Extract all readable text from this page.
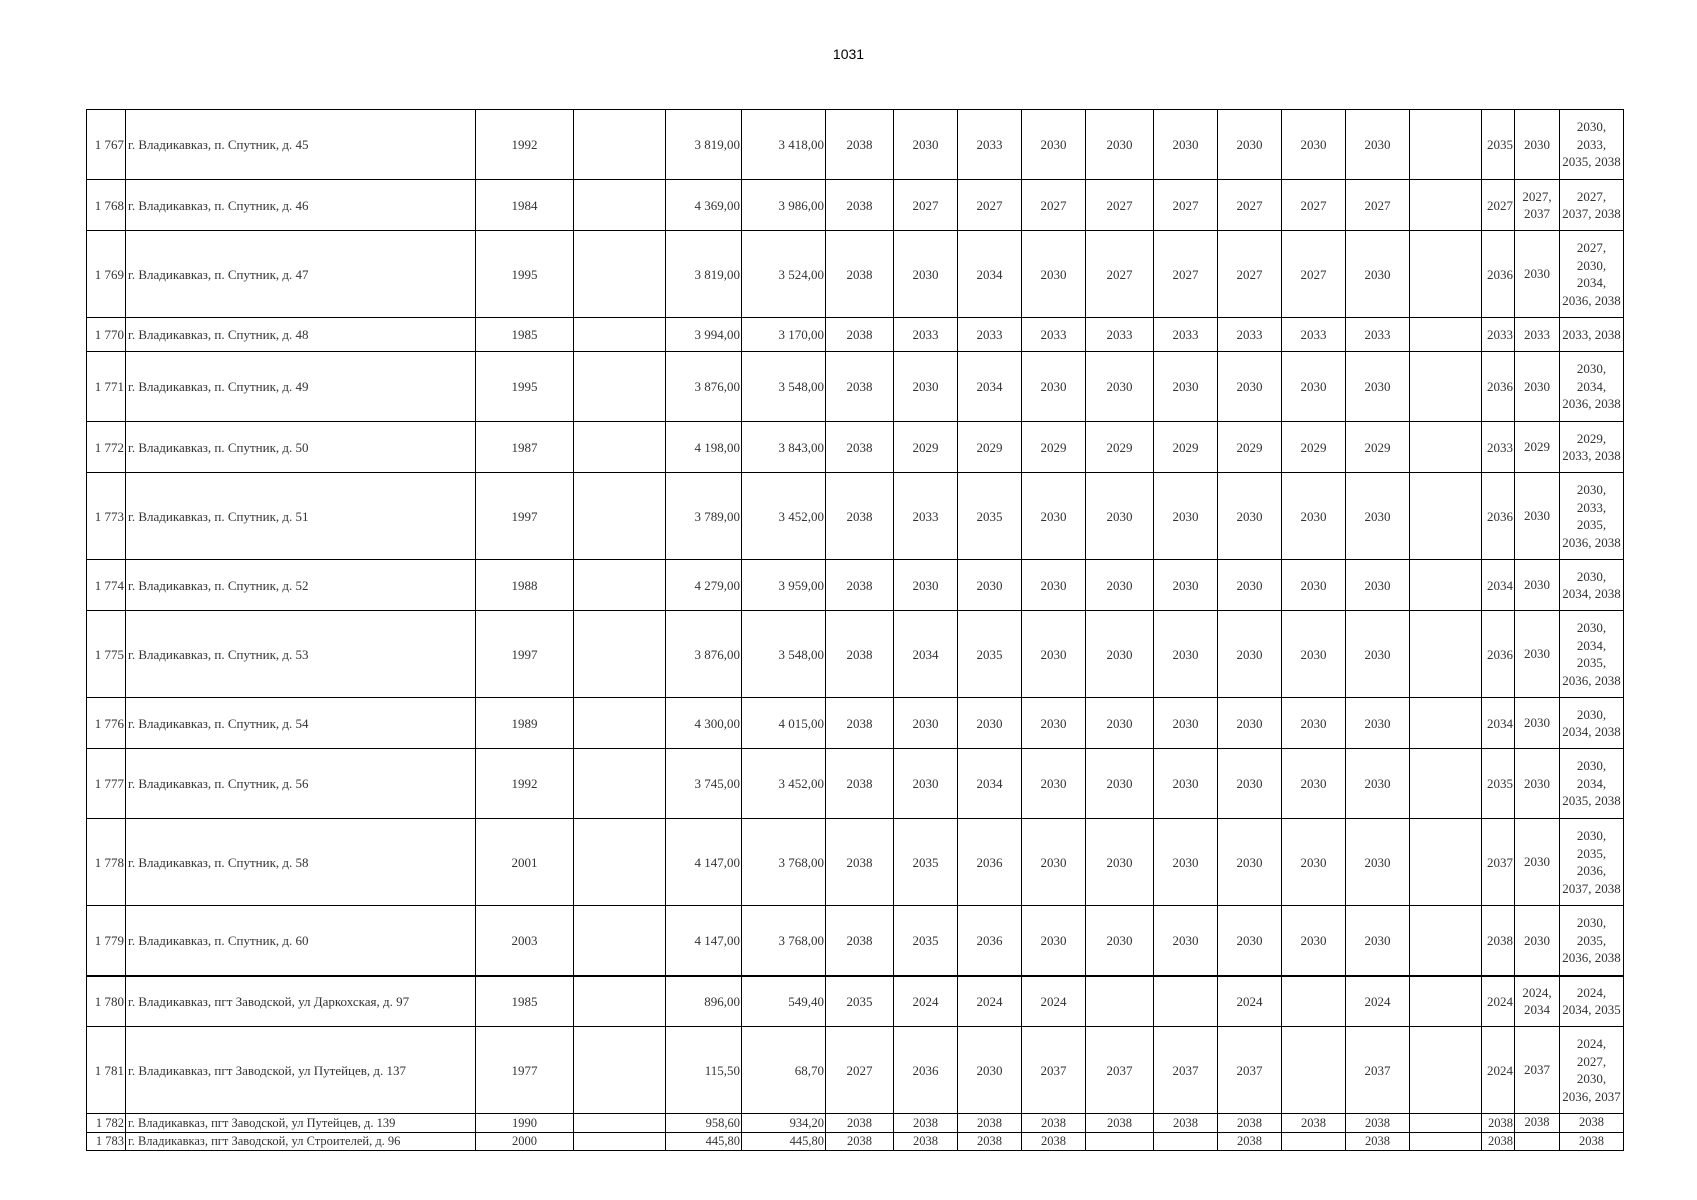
1031
1 767	г. Владикавказ, п. Спутник, д. 45	1992		3 819,00	3 418,00	2038	2030	2033	2030	2030	2030	2030	2030	2030		2035	2030	2030, 2033, 2035, 2038
1 768	г. Владикавказ, п. Спутник, д. 46	1984		4 369,00	3 986,00	2038	2027	2027	2027	2027	2027	2027	2027	2027		2027	2027, 2037	2027, 2037, 2038
1 769	г. Владикавказ, п. Спутник, д. 47	1995		3 819,00	3 524,00	2038	2030	2034	2030	2027	2027	2027	2027	2030		2036	2030	2027, 2030, 2034, 2036, 2038
1 770	г. Владикавказ, п. Спутник, д. 48	1985		3 994,00	3 170,00	2038	2033	2033	2033	2033	2033	2033	2033	2033		2033	2033	2033, 2038
1 771	г. Владикавказ, п. Спутник, д. 49	1995		3 876,00	3 548,00	2038	2030	2034	2030	2030	2030	2030	2030	2030		2036	2030	2030, 2034, 2036, 2038
1 772	г. Владикавказ, п. Спутник, д. 50	1987		4 198,00	3 843,00	2038	2029	2029	2029	2029	2029	2029	2029	2029		2033	2029	2029, 2033, 2038
1 773	г. Владикавказ, п. Спутник, д. 51	1997		3 789,00	3 452,00	2038	2033	2035	2030	2030	2030	2030	2030	2030		2036	2030	2030, 2033, 2035, 2036, 2038
1 774	г. Владикавказ, п. Спутник, д. 52	1988		4 279,00	3 959,00	2038	2030	2030	2030	2030	2030	2030	2030	2030		2034	2030	2030, 2034, 2038
1 775	г. Владикавказ, п. Спутник, д. 53	1997		3 876,00	3 548,00	2038	2034	2035	2030	2030	2030	2030	2030	2030		2036	2030	2030, 2034, 2035, 2036, 2038
1 776	г. Владикавказ, п. Спутник, д. 54	1989		4 300,00	4 015,00	2038	2030	2030	2030	2030	2030	2030	2030	2030		2034	2030	2030, 2034, 2038
1 777	г. Владикавказ, п. Спутник, д. 56	1992		3 745,00	3 452,00	2038	2030	2034	2030	2030	2030	2030	2030	2030		2035	2030	2030, 2034, 2035, 2038
1 778	г. Владикавказ, п. Спутник, д. 58	2001		4 147,00	3 768,00	2038	2035	2036	2030	2030	2030	2030	2030	2030		2037	2030	2030, 2035, 2036, 2037, 2038
1 779	г. Владикавказ, п. Спутник, д. 60	2003		4 147,00	3 768,00	2038	2035	2036	2030	2030	2030	2030	2030	2030		2038	2030	2030, 2035, 2036, 2038
1 780	г. Владикавказ, пгт Заводской, ул Даркохская, д. 97	1985		896,00	549,40	2035	2024	2024	2024			2024		2024		2024	2024, 2034	2024, 2034, 2035
1 781	г. Владикавказ, пгт Заводской, ул Путейцев, д. 137	1977		115,50	68,70	2027	2036	2030	2037	2037	2037	2037		2037		2024	2037	2024, 2027, 2030, 2036, 2037
1 782	г. Владикавказ, пгт Заводской, ул Путейцев, д. 139	1990		958,60	934,20	2038	2038	2038	2038	2038	2038	2038	2038	2038		2038	2038	2038
1 783	г. Владикавказ, пгт Заводской, ул Строителей, д. 96	2000		445,80	445,80	2038	2038	2038	2038			2038		2038		2038		2038
